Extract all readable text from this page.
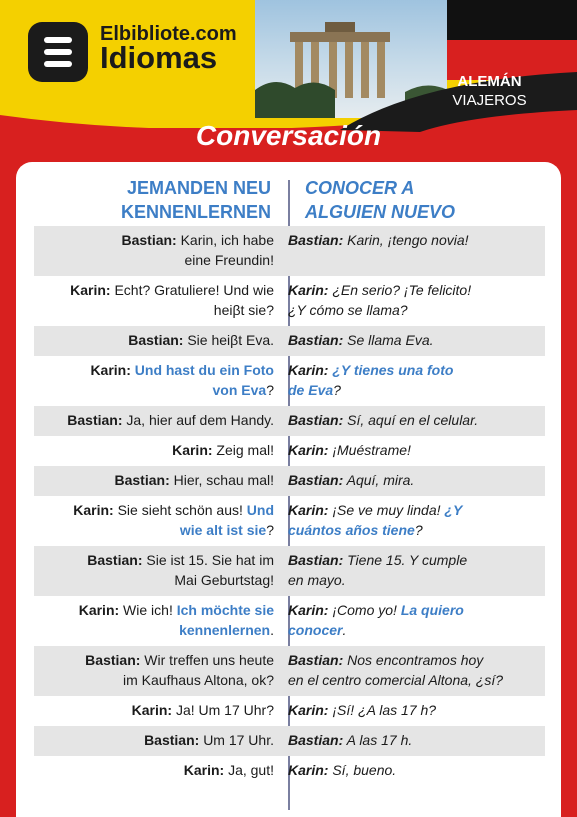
Elbibliote.com
Idiomas
ALEMÁN
VIAJEROS
Conversación
JEMANDEN NEU
KENNENLERNEN
CONOCER A
ALGUIEN NUEVO
Bastian: Karin, ich habe
eine Freundin!
Bastian: Karin, ¡tengo novia!
Karin: Echt? Gratuliere! Und wie
heiβt sie?
Karin: ¿En serio? ¡Te felicito!
¿Y cómo se llama?
Bastian: Sie heiβt Eva. Bastian: Se llama Eva.
Karin: Und hast du ein Foto
von Eva?
Karin: ¿Y tienes una foto
de Eva?
Bastian: Ja, hier auf dem Handy. Bastian: Sí, aquí en el celular.
Karin: Zeig mal! Karin: ¡Muéstrame!
Bastian: Hier, schau mal! Bastian: Aquí, mira.
Karin: Sie sieht schön aus! Und
wie alt ist sie?
Karin: ¡Se ve muy linda! ¿Y
cuántos años tiene?
Bastian: Sie ist 15. Sie hat im
Mai Geburtstag!
Bastian: Tiene 15. Y cumple
en mayo.
Karin: Wie ich! Ich möchte sie
kennenlernen.
Karin: ¡Como yo! La quiero
conocer.
Bastian: Wir treffen uns heute
im Kaufhaus Altona, ok?
Bastian: Nos encontramos hoy
en el centro comercial Altona, ¿sí?
Karin: Ja! Um 17 Uhr? Karin: ¡Sí! ¿A las 17 h?
Bastian: Um 17 Uhr. Bastian: A las 17 h.
Karin: Ja, gut! Karin: Sí, bueno.
